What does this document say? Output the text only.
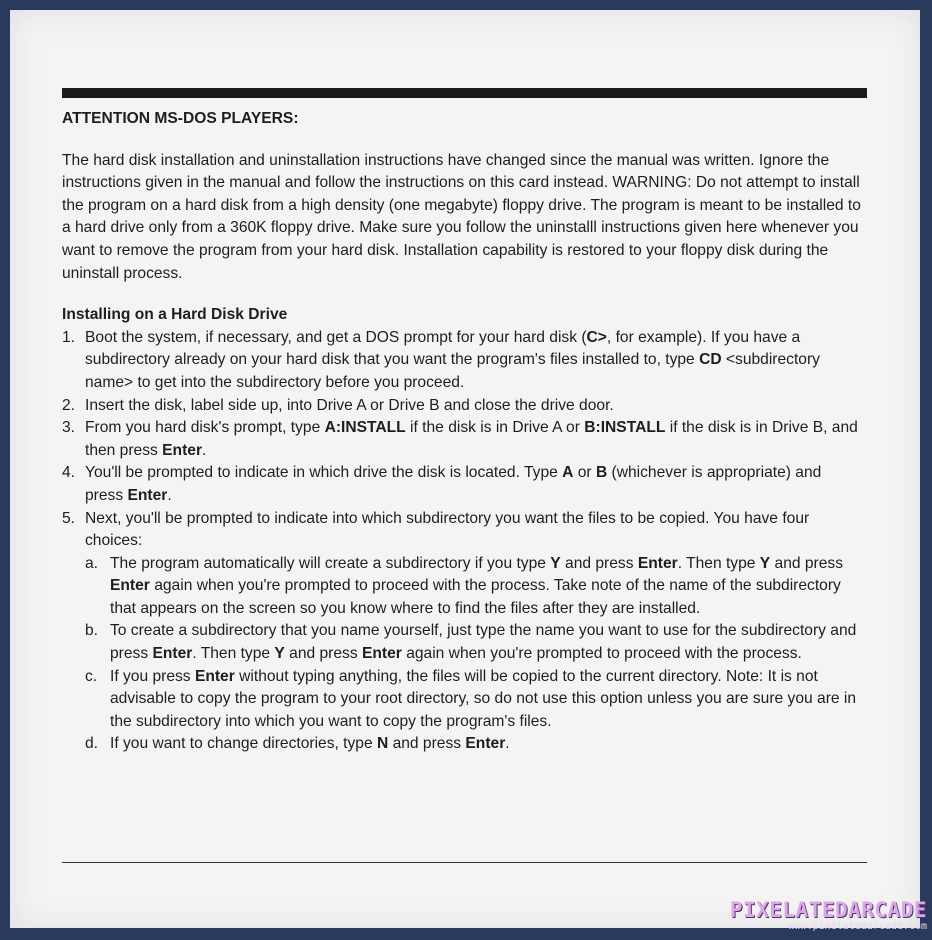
ATTENTION MS-DOS PLAYERS:

The hard disk installation and uninstallation instructions have changed since the manual was written. Ignore the instructions given in the manual and follow the instructions on this card instead. WARNING: Do not attempt to install the program on a hard disk from a high density (one megabyte) floppy drive. The program is meant to be installed to a hard drive only from a 360K floppy drive. Make sure you follow the uninstalll instructions given here whenever you want to remove the program from your hard disk. Installation capability is restored to your floppy disk during the uninstall process.

Installing on a Hard Disk Drive

1. Boot the system, if necessary, and get a DOS prompt for your hard disk (C>, for example). If you have a subdirectory already on your hard disk that you want the program's files installed to, type CD <subdirectory name> to get into the subdirectory before you proceed.
2. Insert the disk, label side up, into Drive A or Drive B and close the drive door.
3. From you hard disk's prompt, type A:INSTALL if the disk is in Drive A or B:INSTALL if the disk is in Drive B, and then press Enter.
4. You'll be prompted to indicate in which drive the disk is located. Type A or B (whichever is appropriate) and press Enter.
5. Next, you'll be prompted to indicate into which subdirectory you want the files to be copied. You have four choices:
a. The program automatically will create a subdirectory if you type Y and press Enter. Then type Y and press Enter again when you're prompted to proceed with the process. Take note of the name of the subdirectory that appears on the screen so you know where to find the files after they are installed.
b. To create a subdirectory that you name yourself, just type the name you want to use for the subdirectory and press Enter. Then type Y and press Enter again when you're prompted to proceed with the process.
c. If you press Enter without typing anything, the files will be copied to the current directory. Note: It is not advisable to copy the program to your root directory, so do not use this option unless you are sure you are in the subdirectory into which you want to copy the program's files.
d. If you want to change directories, type N and press Enter.
PIXELATEDARCADE
www.pixelatedarcade.com
